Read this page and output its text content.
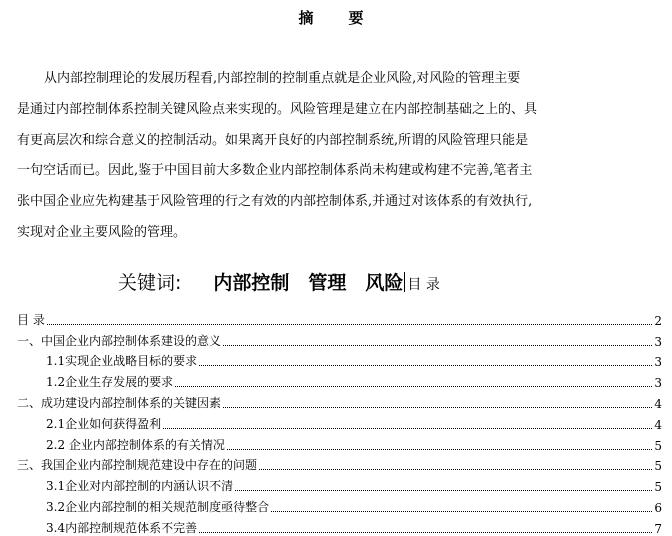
摘　要

从内部控制理论的发展历程看,内部控制的控制重点就是企业风险,对风险的管理主要

是通过内部控制体系控制关键风险点来实现的。风险管理是建立在内部控制基础之上的、具

有更高层次和综合意义的控制活动。如果离开良好的内部控制系统,所谓的风险管理只能是

一句空话而已。因此,鉴于中国目前大多数企业内部控制体系尚未构建或构建不完善,笔者主

张中国企业应先构建基于风险管理的行之有效的内部控制体系,并通过对该体系的有效执行,

实现对企业主要风险的管理。

关键词: 内部控制　管理　风险 目 录
目 录	2
一、中国企业内部控制体系建设的意义	3
1.1实现企业战略目标的要求	3
1.2企业生存发展的要求	3
二、成功建设内部控制体系的关键因素	4
2.1企业如何获得盈利	4
2.2 企业内部控制体系的有关情况	5
三、我国企业内部控制规范建设中存在的问题	5
3.1企业对内部控制的内涵认识不清	5
3.2企业内部控制的相关规范制度亟待整合	6
3.4内部控制规范体系不完善	7
